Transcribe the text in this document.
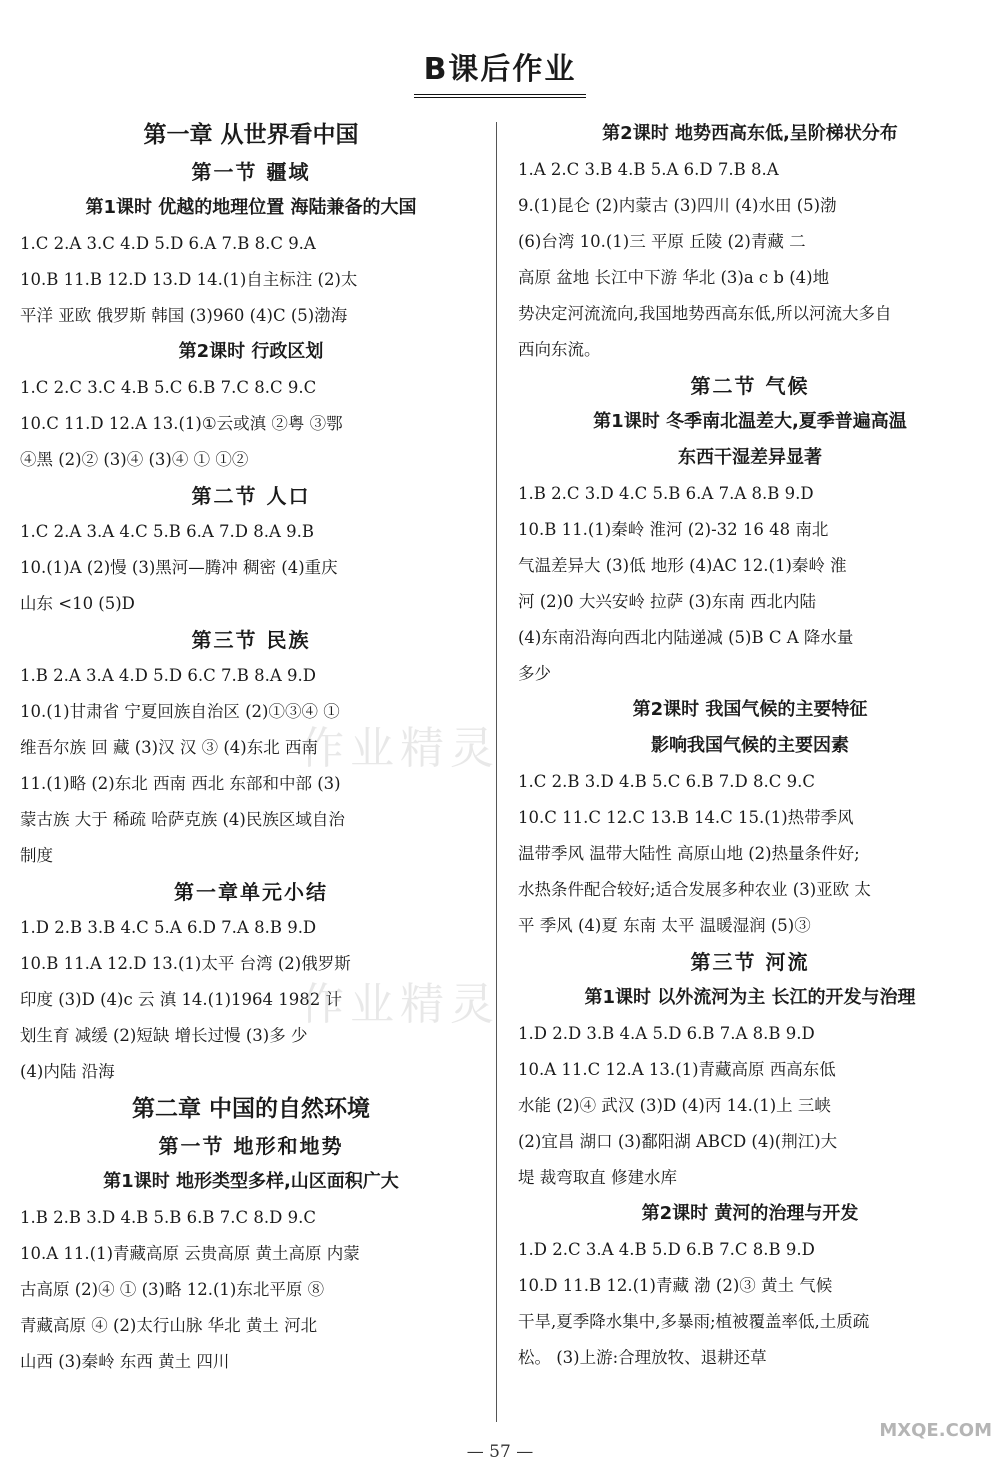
B课后作业
第一章 从世界看中国
第一节 疆域
第1课时 优越的地理位置 海陆兼备的大国
1.C 2.A 3.C 4.D 5.D 6.A 7.B 8.C 9.A
10.B 11.B 12.D 13.D 14.(1)自主标注 (2)太
平洋 亚欧 俄罗斯 韩国 (3)960 (4)C (5)渤海
第2课时 行政区划
1.C 2.C 3.C 4.B 5.C 6.B 7.C 8.C 9.C
10.C 11.D 12.A 13.(1)①云或滇 ②粤 ③鄂
④黑 (2)② (3)④ (3)④ ① ①②
第二节 人口
1.C 2.A 3.A 4.C 5.B 6.A 7.D 8.A 9.B
10.(1)A (2)慢 (3)黑河—腾冲 稠密 (4)重庆
山东 <10 (5)D
第三节 民族
1.B 2.A 3.A 4.D 5.D 6.C 7.B 8.A 9.D
10.(1)甘肃省 宁夏回族自治区 (2)①③④ ①
维吾尔族 回 藏 (3)汉 汉 ③ (4)东北 西南
11.(1)略 (2)东北 西南 西北 东部和中部 (3)
蒙古族 大于 稀疏 哈萨克族 (4)民族区域自治
制度
第一章单元小结
1.D 2.B 3.B 4.C 5.A 6.D 7.A 8.B 9.D
10.B 11.A 12.D 13.(1)太平 台湾 (2)俄罗斯
印度 (3)D (4)c 云 滇 14.(1)1964 1982 计
划生育 减缓 (2)短缺 增长过慢 (3)多 少
(4)内陆 沿海
第二章 中国的自然环境
第一节 地形和地势
第1课时 地形类型多样,山区面积广大
1.B 2.B 3.D 4.B 5.B 6.B 7.C 8.D 9.C
10.A 11.(1)青藏高原 云贵高原 黄土高原 内蒙
古高原 (2)④ ① (3)略 12.(1)东北平原 ⑧
青藏高原 ④ (2)太行山脉 华北 黄土 河北
山西 (3)秦岭 东西 黄土 四川
第2课时 地势西高东低,呈阶梯状分布
1.A 2.C 3.B 4.B 5.A 6.D 7.B 8.A
9.(1)昆仑 (2)内蒙古 (3)四川 (4)水田 (5)渤
(6)台湾 10.(1)三 平原 丘陵 (2)青藏 二
高原 盆地 长江中下游 华北 (3)a c b (4)地
势决定河流流向,我国地势西高东低,所以河流大多自
西向东流。
第二节 气候
第1课时 冬季南北温差大,夏季普遍高温
东西干湿差异显著
1.B 2.C 3.D 4.C 5.B 6.A 7.A 8.B 9.D
10.B 11.(1)秦岭 淮河 (2)-32 16 48 南北
气温差异大 (3)低 地形 (4)AC 12.(1)秦岭 淮
河 (2)0 大兴安岭 拉萨 (3)东南 西北内陆
(4)东南沿海向西北内陆递减 (5)B C A 降水量
多少
第2课时 我国气候的主要特征
影响我国气候的主要因素
1.C 2.B 3.D 4.B 5.C 6.B 7.D 8.C 9.C
10.C 11.C 12.C 13.B 14.C 15.(1)热带季风
温带季风 温带大陆性 高原山地 (2)热量条件好;
水热条件配合较好;适合发展多种农业 (3)亚欧 太
平 季风 (4)夏 东南 太平 温暖湿润 (5)③
第三节 河流
第1课时 以外流河为主 长江的开发与治理
1.D 2.D 3.B 4.A 5.D 6.B 7.A 8.B 9.D
10.A 11.C 12.A 13.(1)青藏高原 西高东低
水能 (2)④ 武汉 (3)D (4)丙 14.(1)上 三峡
(2)宜昌 湖口 (3)鄱阳湖 ABCD (4)(荆江)大
堤 裁弯取直 修建水库
第2课时 黄河的治理与开发
1.D 2.C 3.A 4.B 5.D 6.B 7.C 8.B 9.D
10.D 11.B 12.(1)青藏 渤 (2)③ 黄土 气候
干旱,夏季降水集中,多暴雨;植被覆盖率低,土质疏
松。 (3)上游:合理放牧、退耕还草
作业精灵
作业精灵
— 57 —
MXQE.COM
